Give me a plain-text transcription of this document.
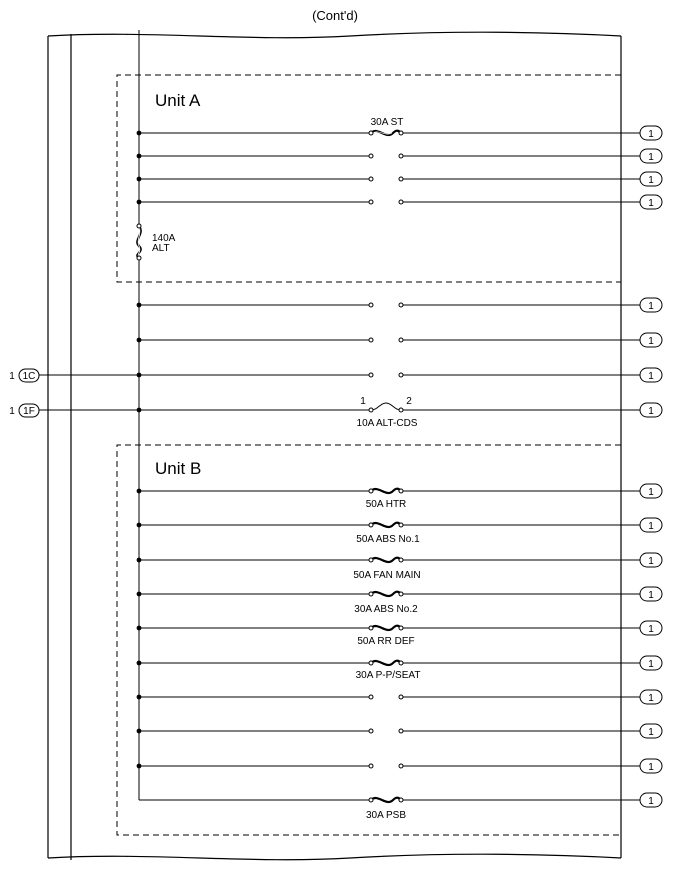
(Cont'd)
Unit A
Unit B
140A
ALT
1 1C
1 1F
30A ST
1
1
1
1
1
1
1
1	2
10A ALT-CDS
1
50A HTR
1
50A ABS No.1
1
50A FAN MAIN
1
30A ABS No.2
1
50A RR DEF
1
30A P-P/SEAT
1
1
1
1
30A PSB
1
